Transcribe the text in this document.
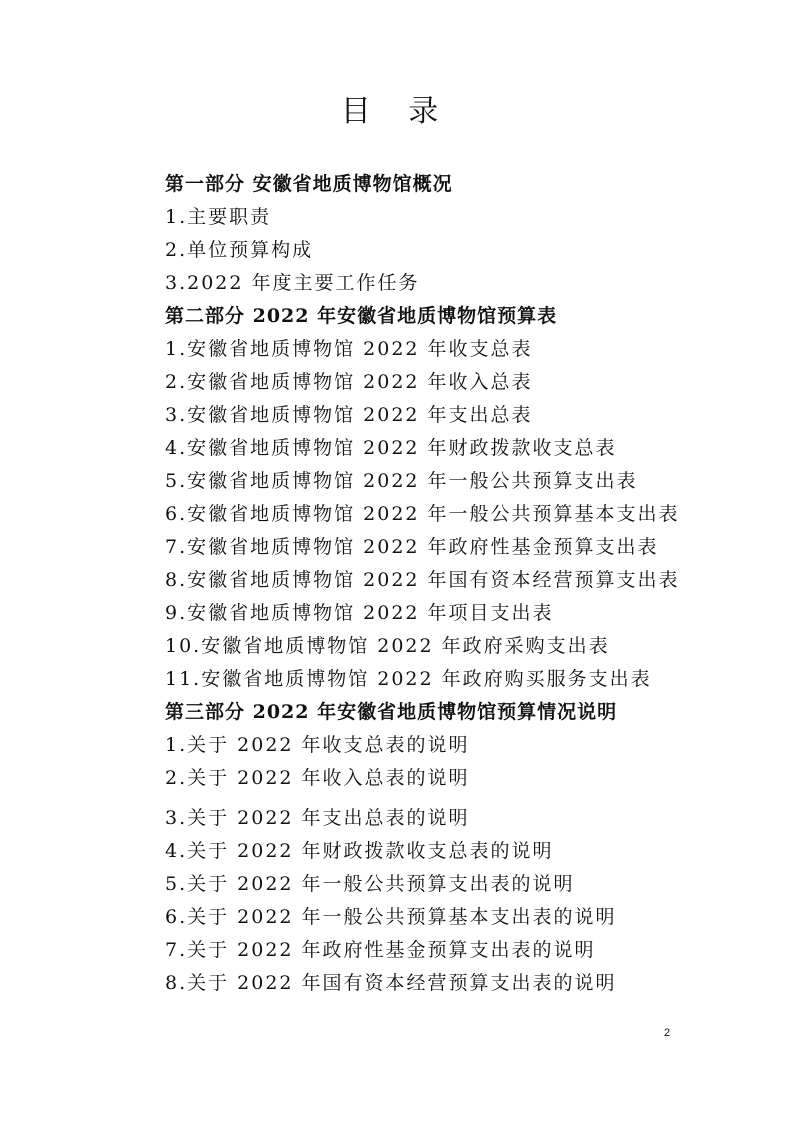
目 录
第一部分 安徽省地质博物馆概况
1.主要职责
2.单位预算构成
3.2022 年度主要工作任务
第二部分 2022 年安徽省地质博物馆预算表
1.安徽省地质博物馆 2022 年收支总表
2.安徽省地质博物馆 2022 年收入总表
3.安徽省地质博物馆 2022 年支出总表
4.安徽省地质博物馆 2022 年财政拨款收支总表
5.安徽省地质博物馆 2022 年一般公共预算支出表
6.安徽省地质博物馆 2022 年一般公共预算基本支出表
7.安徽省地质博物馆 2022 年政府性基金预算支出表
8.安徽省地质博物馆 2022 年国有资本经营预算支出表
9.安徽省地质博物馆 2022 年项目支出表
10.安徽省地质博物馆 2022 年政府采购支出表
11.安徽省地质博物馆 2022 年政府购买服务支出表
第三部分 2022 年安徽省地质博物馆预算情况说明
1.关于 2022 年收支总表的说明
2.关于 2022 年收入总表的说明
3.关于 2022 年支出总表的说明
4.关于 2022 年财政拨款收支总表的说明
5.关于 2022 年一般公共预算支出表的说明
6.关于 2022 年一般公共预算基本支出表的说明
7.关于 2022 年政府性基金预算支出表的说明
8.关于 2022 年国有资本经营预算支出表的说明
2
